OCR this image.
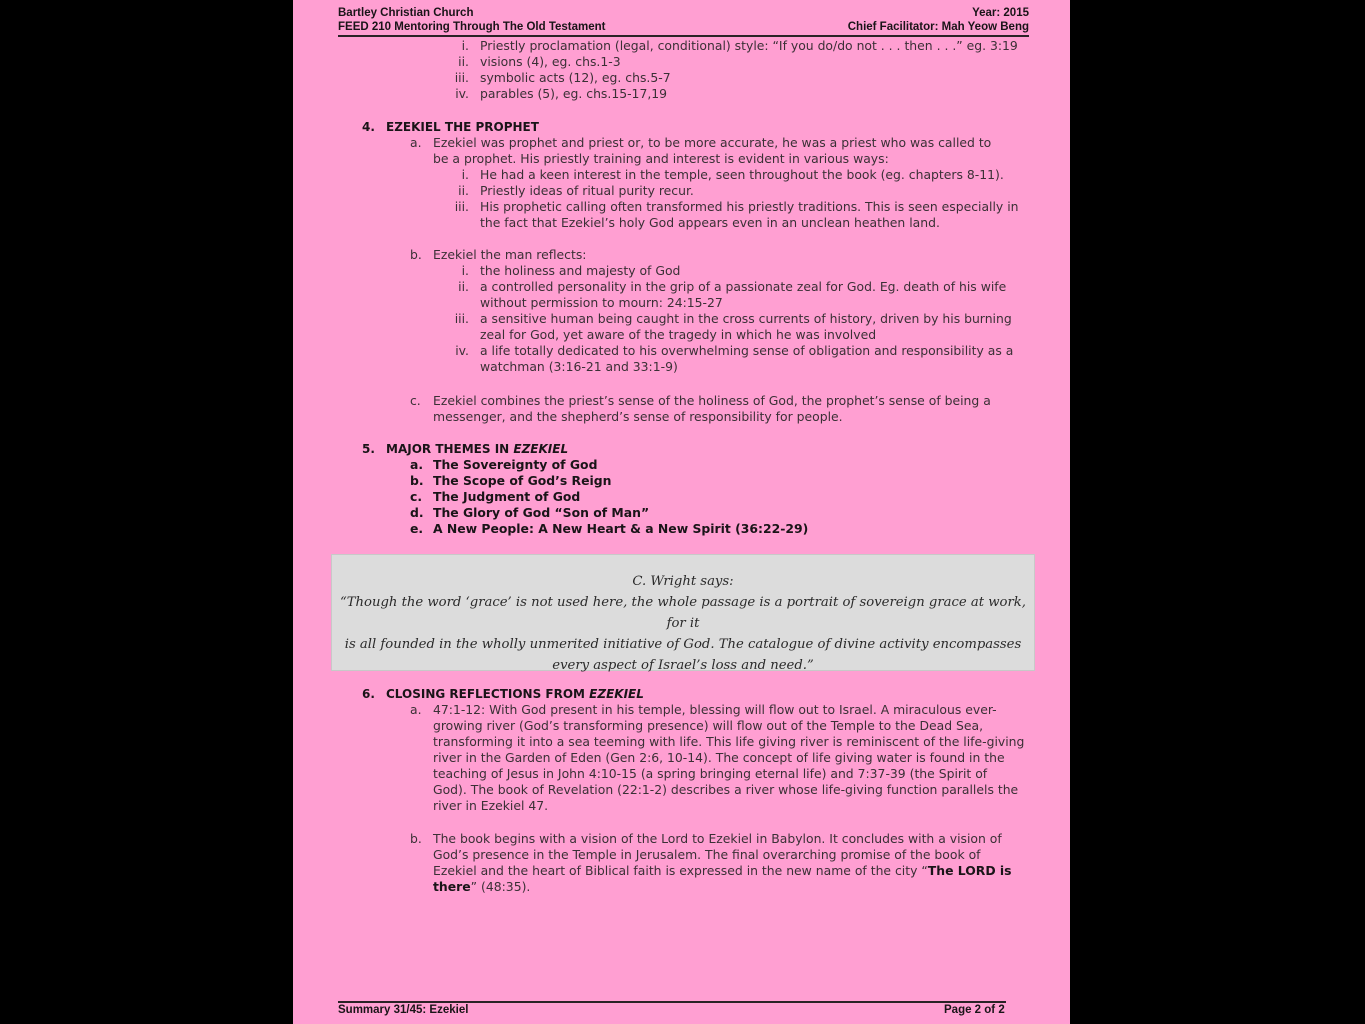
Bartley Christian Church	Year: 2015
FEED 210 Mentoring Through The Old Testament	Chief Facilitator: Mah Yeow Beng
i. Priestly proclamation (legal, conditional) style: “If you do/do not . . . then . . .” eg. 3:19
ii. visions (4), eg. chs.1-3
iii. symbolic acts (12), eg. chs.5-7
iv. parables (5), eg. chs.15-17,19
4. EZEKIEL THE PROPHET
a. Ezekiel was prophet and priest or, to be more accurate, he was a priest who was called to
be a prophet. His priestly training and interest is evident in various ways:
i. He had a keen interest in the temple, seen throughout the book (eg. chapters 8-11).
ii. Priestly ideas of ritual purity recur.
iii. His prophetic calling often transformed his priestly traditions. This is seen especially in
the fact that Ezekiel’s holy God appears even in an unclean heathen land.
b. Ezekiel the man reflects:
i. the holiness and majesty of God
ii. a controlled personality in the grip of a passionate zeal for God. Eg. death of his wife
without permission to mourn: 24:15-27
iii. a sensitive human being caught in the cross currents of history, driven by his burning
zeal for God, yet aware of the tragedy in which he was involved
iv. a life totally dedicated to his overwhelming sense of obligation and responsibility as a
watchman (3:16-21 and 33:1-9)
c. Ezekiel combines the priest’s sense of the holiness of God, the prophet’s sense of being a
messenger, and the shepherd’s sense of responsibility for people.
5. MAJOR THEMES IN EZEKIEL
a. The Sovereignty of God
b. The Scope of God’s Reign
c. The Judgment of God
d. The Glory of God “Son of Man”
e. A New People: A New Heart & a New Spirit (36:22-29)
C. Wright says:
“Though the word ‘grace’ is not used here, the whole passage is a portrait of sovereign grace at work, for it
is all founded in the wholly unmerited initiative of God. The catalogue of divine activity encompasses
every aspect of Israel’s loss and need.”
6. CLOSING REFLECTIONS FROM EZEKIEL
a. 47:1-12: With God present in his temple, blessing will flow out to Israel. A miraculous ever-
growing river (God’s transforming presence) will flow out of the Temple to the Dead Sea,
transforming it into a sea teeming with life. This life giving river is reminiscent of the life-giving
river in the Garden of Eden (Gen 2:6, 10-14). The concept of life giving water is found in the
teaching of Jesus in John 4:10-15 (a spring bringing eternal life) and 7:37-39 (the Spirit of
God). The book of Revelation (22:1-2) describes a river whose life-giving function parallels the
river in Ezekiel 47.
b. The book begins with a vision of the Lord to Ezekiel in Babylon. It concludes with a vision of
God’s presence in the Temple in Jerusalem. The final overarching promise of the book of
Ezekiel and the heart of Biblical faith is expressed in the new name of the city “The LORD is
there” (48:35).
Summary 31/45: Ezekiel	Page 2 of 2
